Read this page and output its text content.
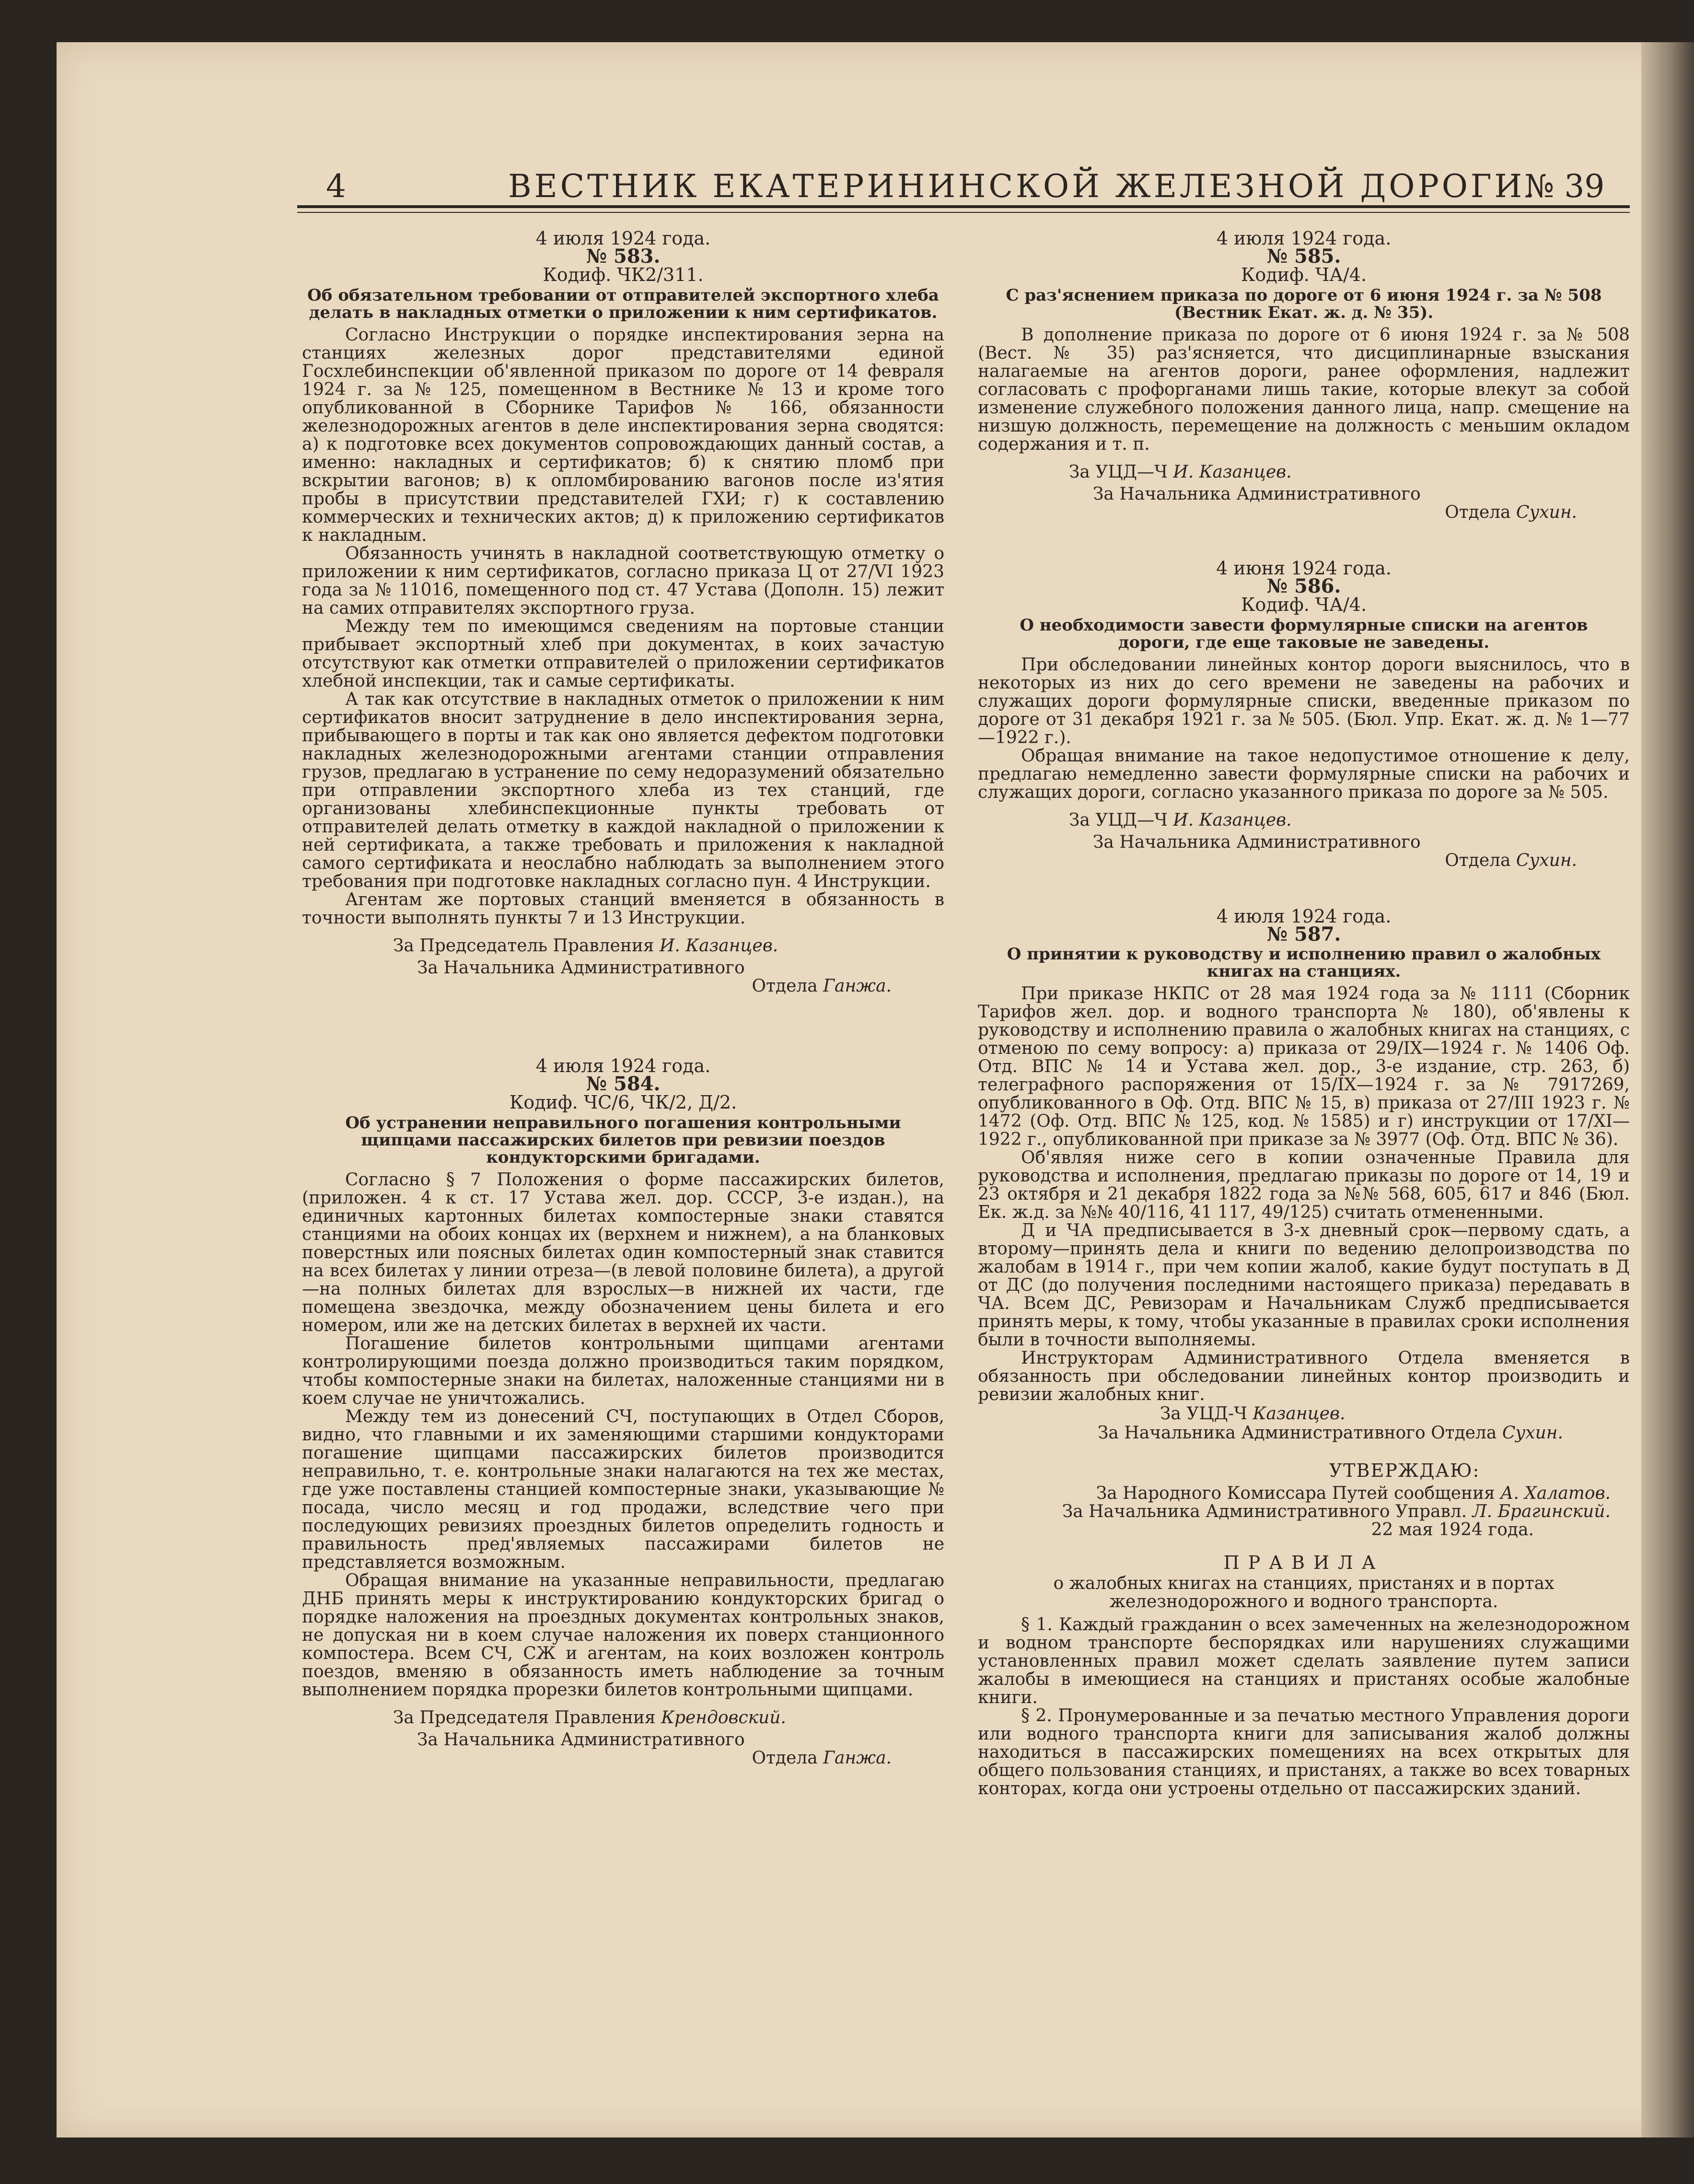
4	ВЕСТНИК ЕКАТЕРИНИНСКОЙ ЖЕЛЕЗНОЙ ДОРОГИ.
№ 39
4 июля 1924 года.
№ 583.
Кодиф. ЧК2/311.
Об обязательном требовании от отправителей экспортного хлеба делать в накладных отметки о приложении к ним сертификатов.

Согласно Инструкции о порядке инспектирования зерна на станциях железных дорог представителями единой Госхлебинспекции об'явленной приказом по дороге от 14 февраля 1924 г. за № 125, помещенном в Вестнике № 13 и кроме того опубликованной в Сборнике Тарифов № 166, обязанности железнодорожных агентов в деле инспектирования зерна сводятся: а) к подготовке всех документов сопровождающих данный состав, а именно: накладных и сертификатов; б) к снятию пломб при вскрытии вагонов; в) к опломбированию вагонов после из'ятия пробы в присутствии представителей ГХИ; г) к составлению коммерческих и технических актов; д) к приложению сертификатов к накладным.

Обязанность учинять в накладной соответствующую отметку о приложении к ним сертификатов, согласно приказа Ц от 27/VI 1923 года за № 11016, помещенного под ст. 47 Устава (Дополн. 15) лежит на самих отправителях экспортного груза.

Между тем по имеющимся сведениям на портовые станции прибывает экспортный хлеб при документах, в коих зачастую отсутствуют как отметки отправителей о приложении сертификатов хлебной инспекции, так и самые сертификаты.

А так как отсутствие в накладных отметок о приложении к ним сертификатов вносит затруднение в дело инспектирования зерна, прибывающего в порты и так как оно является дефектом подготовки накладных железнодорожными агентами станции отправления грузов, предлагаю в устранение по сему недоразумений обязательно при отправлении экспортного хлеба из тех станций, где организованы хлебинспекционные пункты требовать от отправителей делать отметку в каждой накладной о приложении к ней сертификата, а также требовать и приложения к накладной самого сертификата и неослабно наблюдать за выполнением этого требования при подготовке накладных согласно пун. 4 Инструкции.

Агентам же портовых станций вменяется в обязанность в точности выполнять пункты 7 и 13 Инструкции.

За Председатель Правления И. Казанцев.
За Начальника Административного
Отдела Ганжа.
4 июля 1924 года.
№ 584.
Кодиф. ЧС/6, ЧК/2, Д/2.
Об устранении неправильного погашения контрольными щипцами пассажирских билетов при ревизии поездов кондукторскими бригадами.

Согласно § 7 Положения о форме пассажирских билетов, (приложен. 4 к ст. 17 Устава жел. дор. СССР, 3-е издан.), на единичных картонных билетах компостерные знаки ставятся станциями на обоих концах их (верхнем и нижнем), а на бланковых поверстных или поясных билетах один компостерный знак ставится на всех билетах у линии отреза—(в левой половине билета), а другой—на полных билетах для взрослых—в нижней их части, где помещена звездочка, между обозначением цены билета и его номером, или же на детских билетах в верхней их части.

Погашение билетов контрольными щипцами агентами контролирующими поезда должно производиться таким порядком, чтобы компостерные знаки на билетах, наложенные станциями ни в коем случае не уничтожались.

Между тем из донесений СЧ, поступающих в Отдел Сборов, видно, что главными и их заменяющими старшими кондукторами погашение щипцами пассажирских билетов производится неправильно, т. е. контрольные знаки налагаются на тех же местах, где уже поставлены станцией компостерные знаки, указывающие № посада, число месяц и год продажи, вследствие чего при последующих ревизиях проездных билетов определить годность и правильность пред'являемых пассажирами билетов не представляется возможным.

Обращая внимание на указанные неправильности, предлагаю ДНБ принять меры к инструктированию кондукторских бригад о порядке наложения на проездных документах контрольных знаков, не допуская ни в коем случае наложения их поверх станционного компостера. Всем СЧ, СЖ и агентам, на коих возложен контроль поездов, вменяю в обязанность иметь наблюдение за точным выполнением порядка прорезки билетов контрольными щипцами.

За Председателя Правления Крендовский.
За Начальника Административного
Отдела Ганжа.
4 июля 1924 года.
№ 585.
Кодиф. ЧА/4.
С раз'яснением приказа по дороге от 6 июня 1924 г. за № 508 (Вестник Екат. ж. д. № 35).

В дополнение приказа по дороге от 6 июня 1924 г. за № 508 (Вест. № 35) раз'ясняется, что дисциплинарные взыскания налагаемые на агентов дороги, ранее оформления, надлежит согласовать с профорганами лишь такие, которые влекут за собой изменение служебного положения данного лица, напр. смещение на низшую должность, перемещение на должность с меньшим окладом содержания и т. п.

За УЦД—Ч И. Казанцев.
За Начальника Административного
Отдела Сухин.
4 июня 1924 года.
№ 586.
Кодиф. ЧА/4.
О необходимости завести формулярные списки на агентов дороги, где еще таковые не заведены.

При обследовании линейных контор дороги выяснилось, что в некоторых из них до сего времени не заведены на рабочих и служащих дороги формулярные списки, введенные приказом по дороге от 31 декабря 1921 г. за № 505. (Бюл. Упр. Екат. ж. д. № 1—77—1922 г.).

Обращая внимание на такое недопустимое отношение к делу, предлагаю немедленно завести формулярные списки на рабочих и служащих дороги, согласно указанного приказа по дороге за № 505.

За УЦД—Ч И. Казанцев.
За Начальника Административного
Отдела Сухин.
4 июля 1924 года.
№ 587.
О принятии к руководству и исполнению правил о жалобных книгах на станциях.

При приказе НКПС от 28 мая 1924 года за № 1111 (Сборник Тарифов жел. дор. и водного транспорта № 180), об'явлены к руководству и исполнению правила о жалобных книгах на станциях, с отменою по сему вопросу: а) приказа от 29/IX—1924 г. № 1406 Оф. Отд. ВПС № 14 и Устава жел. дор., 3-е издание, стр. 263, б) телеграфного распоряжения от 15/IX—1924 г. за № 7917269, опубликованного в Оф. Отд. ВПС № 15, в) приказа от 27/III 1923 г. № 1472 (Оф. Отд. ВПС № 125, код. № 1585) и г) инструкции от 17/XI—1922 г., опубликованной при приказе за № 3977 (Оф. Отд. ВПС № 36).

Об'являя ниже сего в копии означенные Правила для руководства и исполнения, предлагаю приказы по дороге от 14, 19 и 23 октября и 21 декабря 1822 года за №№ 568, 605, 617 и 846 (Бюл. Ек. ж.д. за №№ 40/116, 41 117, 49/125) считать отмененными.

Д и ЧА предписывается в 3-х дневный срок—первому сдать, а второму—принять дела и книги по ведению делопроизводства по жалобам в 1914 г., при чем копии жалоб, какие будут поступать в Д от ДС (до получения последними настоящего приказа) передавать в ЧА. Всем ДС, Ревизорам и Начальникам Служб предписывается принять меры, к тому, чтобы указанные в правилах сроки исполнения были в точности выполняемы.

Инструкторам Административного Отдела вменяется в обязанность при обследовании линейных контор производить и ревизии жалобных книг.

За УЦД-Ч Казанцев.
За Начальника Административного Отдела Сухин.
УТВЕРЖДАЮ:
За Народного Комиссара Путей сообщения А. Халатов.
За Начальника Административного Управл. Л. Брагинский.
22 мая 1924 года.
ПРАВИЛА

о жалобных книгах на станциях, пристанях и в портах железнодорожного и водного транспорта.

§ 1. Каждый гражданин о всех замеченных на железнодорожном и водном транспорте беспорядках или нарушениях служащими установленных правил может сделать заявление путем записи жалобы в имеющиеся на станциях и пристанях особые жалобные книги.

§ 2. Пронумерованные и за печатью местного Управления дороги или водного транспорта книги для записывания жалоб должны находиться в пассажирских помещениях на всех открытых для общего пользования станциях, и пристанях, а также во всех товарных конторах, когда они устроены отдельно от пассажирских зданий.
